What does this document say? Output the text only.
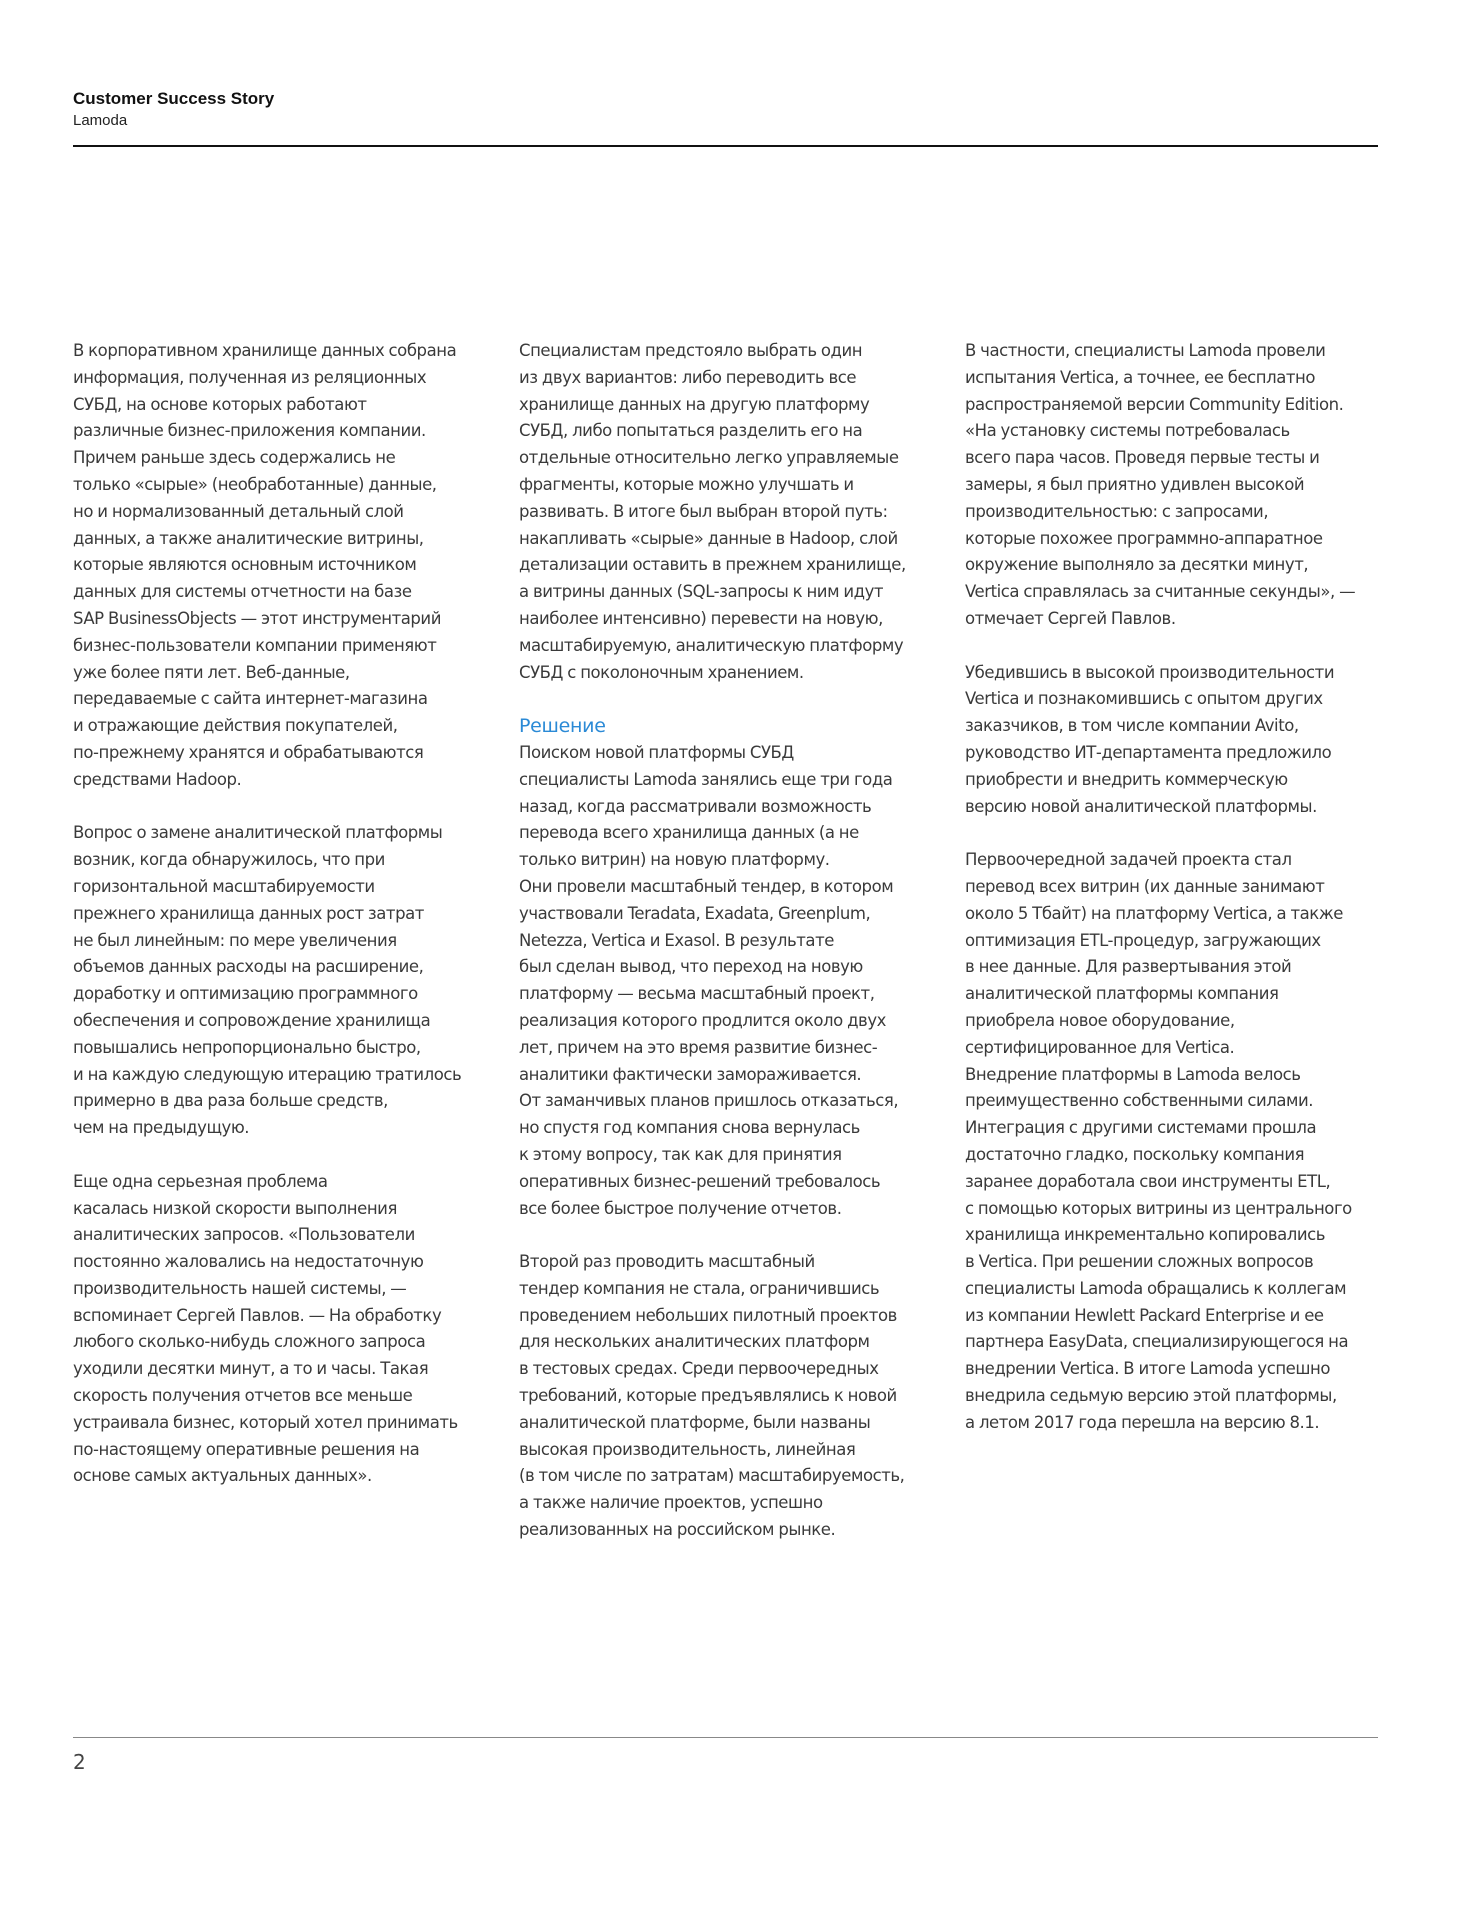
Customer Success Story
Lamoda
В корпоративном хранилище данных собрана
информация, полученная из реляционных
СУБД, на основе которых работают
различные бизнес-приложения компании.
Причем раньше здесь содержались не
только «сырые» (необработанные) данные,
но и нормализованный детальный слой
данных, а также аналитические витрины,
которые являются основным источником
данных для системы отчетности на базе
SAP BusinessObjects — этот инструментарий
бизнес-пользователи компании применяют
уже более пяти лет. Веб-данные,
передаваемые с сайта интернет-магазина
и отражающие действия покупателей,
по-прежнему хранятся и обрабатываются
средствами Hadoop.
Вопрос о замене аналитической платформы
возник, когда обнаружилось, что при
горизонтальной масштабируемости
прежнего хранилища данных рост затрат
не был линейным: по мере увеличения
объемов данных расходы на расширение,
доработку и оптимизацию программного
обеспечения и сопровождение хранилища
повышались непропорционально быстро,
и на каждую следующую итерацию тратилось
примерно в два раза больше средств,
чем на предыдущую.
Еще одна серьезная проблема
касалась низкой скорости выполнения
аналитических запросов. «Пользователи
постоянно жаловались на недостаточную
производительность нашей системы, —
вспоминает Сергей Павлов. — На обработку
любого сколько-нибудь сложного запроса
уходили десятки минут, а то и часы. Такая
скорость получения отчетов все меньше
устраивала бизнес, который хотел принимать
по-настоящему оперативные решения на
основе самых актуальных данных».
Специалистам предстояло выбрать один
из двух вариантов: либо переводить все
хранилище данных на другую платформу
СУБД, либо попытаться разделить его на
отдельные относительно легко управляемые
фрагменты, которые можно улучшать и
развивать. В итоге был выбран второй путь:
накапливать «сырые» данные в Hadoop, слой
детализации оставить в прежнем хранилище,
а витрины данных (SQL-запросы к ним идут
наиболее интенсивно) перевести на новую,
масштабируемую, аналитическую платформу
СУБД с поколоночным хранением.
Решение
Поиском новой платформы СУБД
специалисты Lamoda занялись еще три года
назад, когда рассматривали возможность
перевода всего хранилища данных (а не
только витрин) на новую платформу.
Они провели масштабный тендер, в котором
участвовали Teradata, Exadata, Greenplum,
Netezza, Vertica и Exasol. В результате
был сделан вывод, что переход на новую
платформу — весьма масштабный проект,
реализация которого продлится около двух
лет, причем на это время развитие бизнес-
аналитики фактически замораживается.
От заманчивых планов пришлось отказаться,
но спустя год компания снова вернулась
к этому вопросу, так как для принятия
оперативных бизнес-решений требовалось
все более быстрое получение отчетов.
Второй раз проводить масштабный
тендер компания не стала, ограничившись
проведением небольших пилотный проектов
для нескольких аналитических платформ
в тестовых средах. Среди первоочередных
требований, которые предъявлялись к новой
аналитической платформе, были названы
высокая производительность, линейная
(в том числе по затратам) масштабируемость,
а также наличие проектов, успешно
реализованных на российском рынке.
В частности, специалисты Lamoda провели
испытания Vertica, а точнее, ее бесплатно
распространяемой версии Community Edition.
«На установку системы потребовалась
всего пара часов. Проведя первые тесты и
замеры, я был приятно удивлен высокой
производительностью: с запросами,
которые похожее программно-аппаратное
окружение выполняло за десятки минут,
Vertica справлялась за считанные секунды», —
отмечает Сергей Павлов.
Убедившись в высокой производительности
Vertica и познакомившись с опытом других
заказчиков, в том числе компании Avito,
руководство ИТ-департамента предложило
приобрести и внедрить коммерческую
версию новой аналитической платформы.
Первоочередной задачей проекта стал
перевод всех витрин (их данные занимают
около 5 Тбайт) на платформу Vertica, а также
оптимизация ETL-процедур, загружающих
в нее данные. Для развертывания этой
аналитической платформы компания
приобрела новое оборудование,
сертифицированное для Vertica.
Внедрение платформы в Lamoda велось
преимущественно собственными силами.
Интеграция с другими системами прошла
достаточно гладко, поскольку компания
заранее доработала свои инструменты ETL,
с помощью которых витрины из центрального
хранилища инкрементально копировались
в Vertica. При решении сложных вопросов
специалисты Lamoda обращались к коллегам
из компании Hewlett Packard Enterprise и ее
партнера EasyData, специализирующегося на
внедрении Vertica. В итоге Lamoda успешно
внедрила седьмую версию этой платформы,
а летом 2017 года перешла на версию 8.1.
2
